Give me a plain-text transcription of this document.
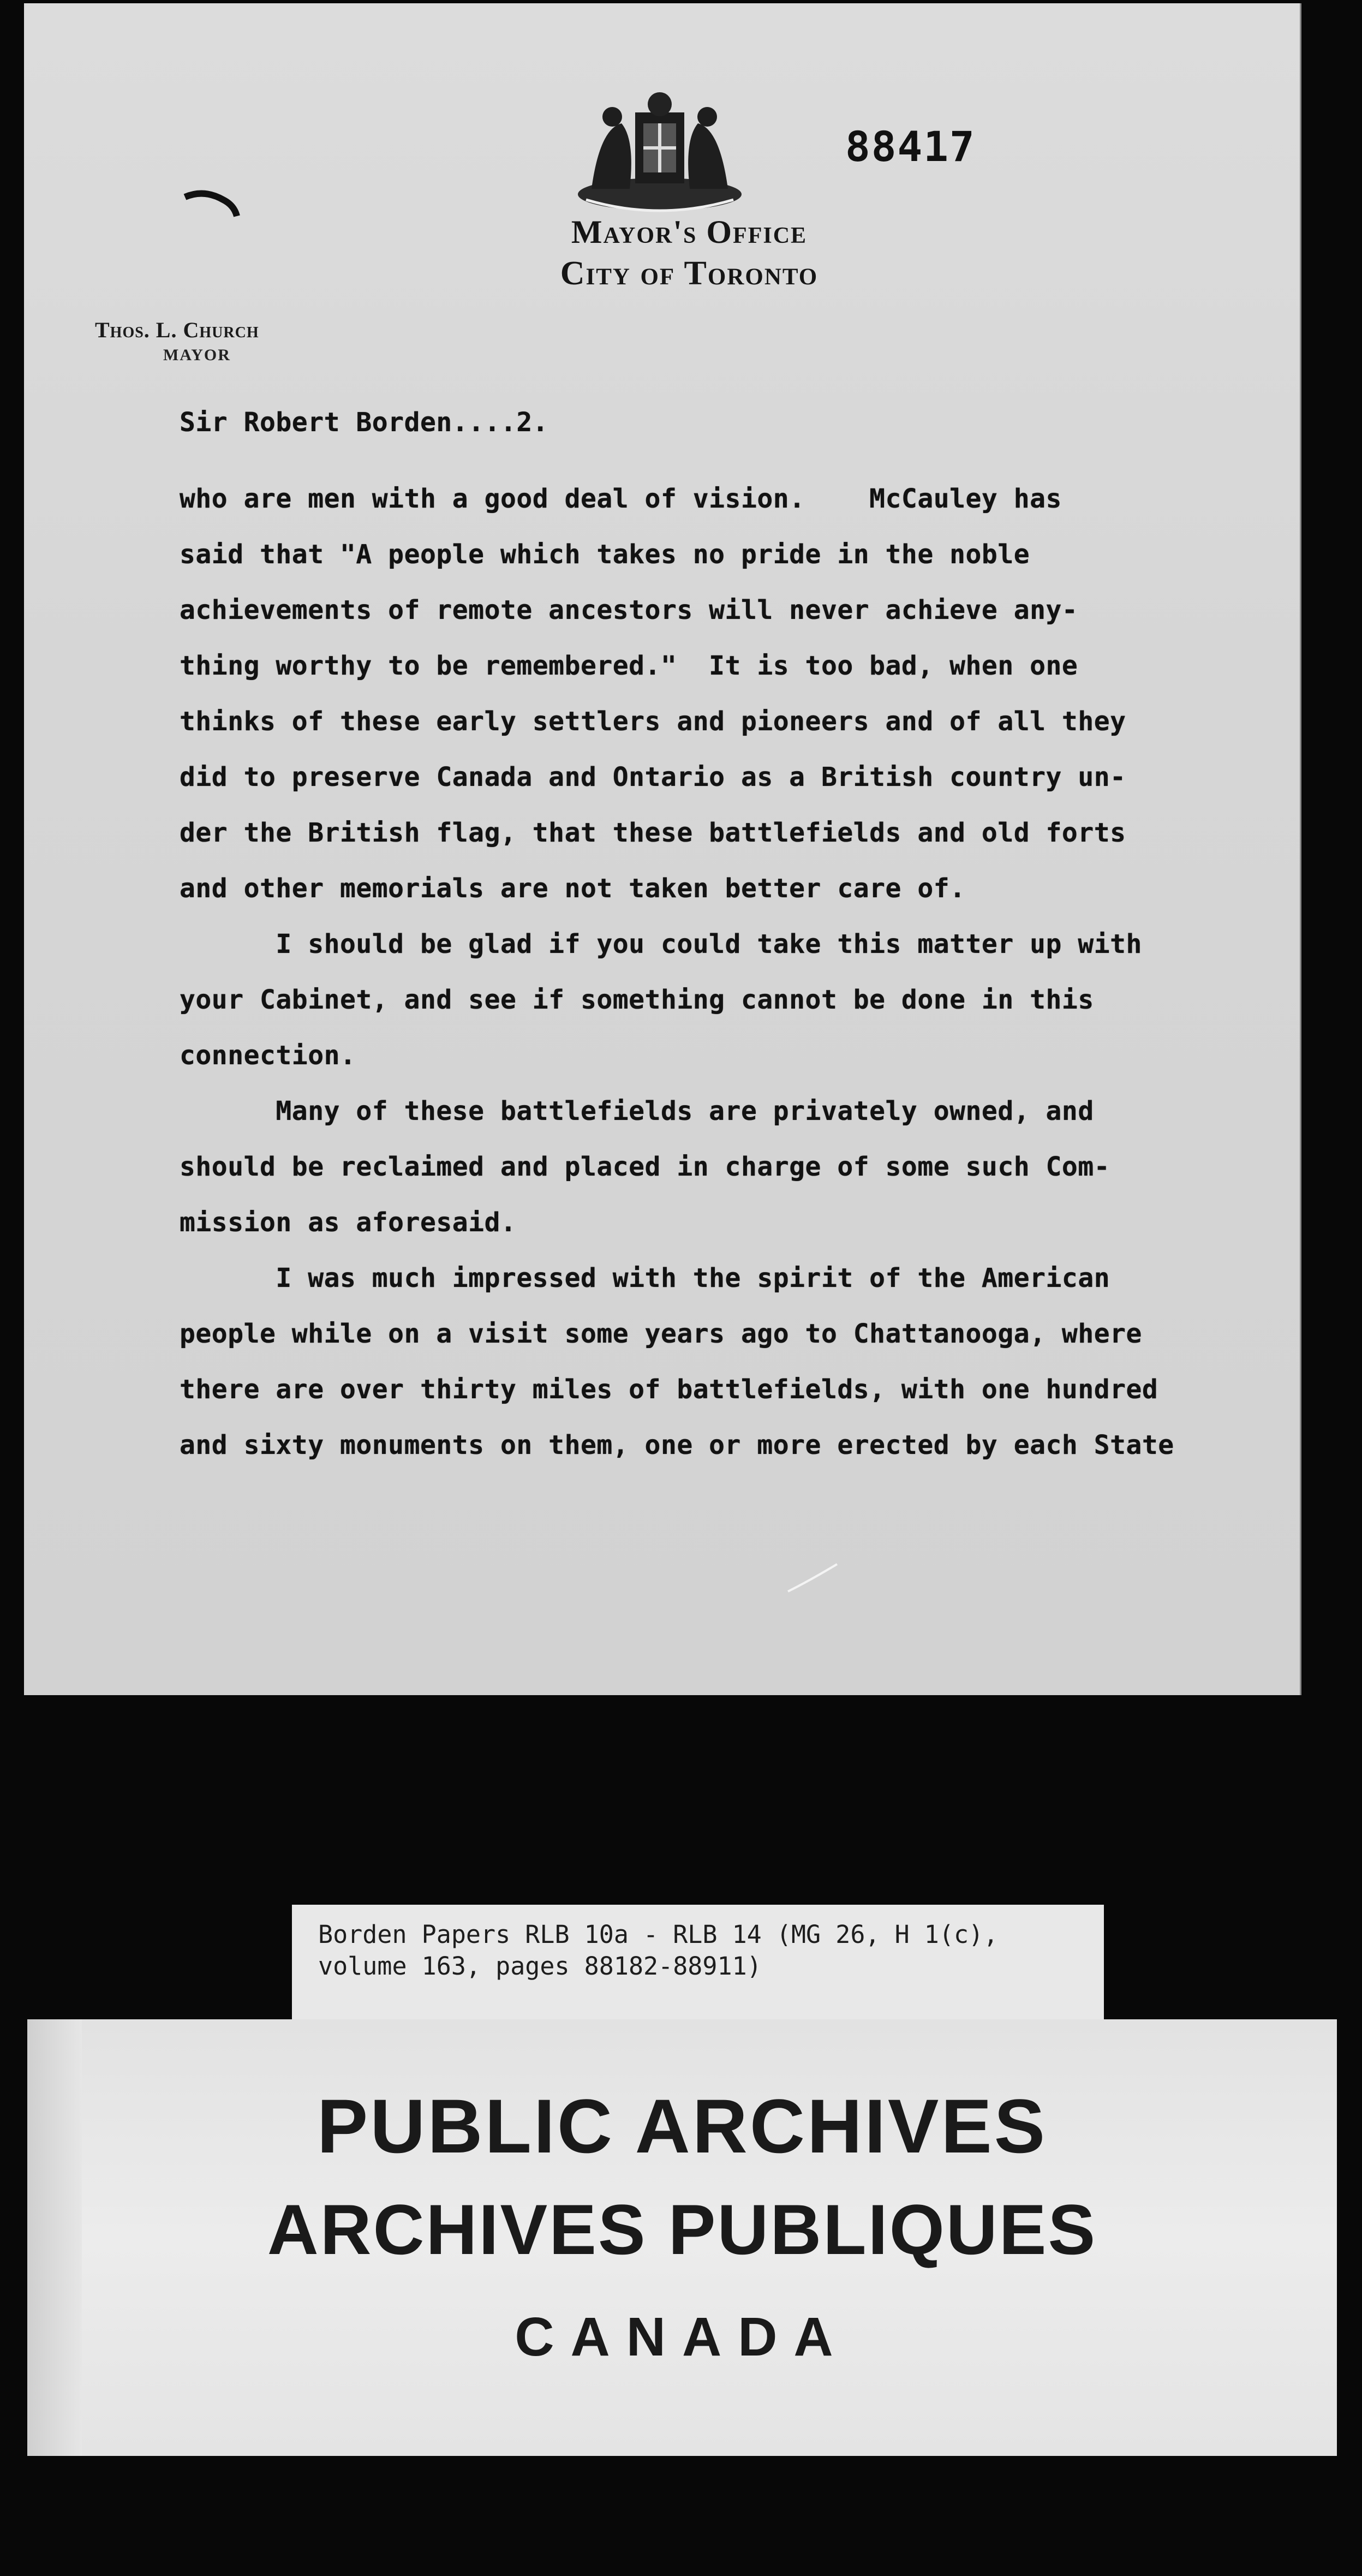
88417
Mayor's Office
City of Toronto
Thos. L. Church
MAYOR
Sir Robert Borden....2.
who are men with a good deal of vision.    McCauley has
said that "A people which takes no pride in the noble
achievements of remote ancestors will never achieve any-
thing worthy to be remembered."  It is too bad, when one
thinks of these early settlers and pioneers and of all they
did to preserve Canada and Ontario as a British country un-
der the British flag, that these battlefields and old forts
and other memorials are not taken better care of.
I should be glad if you could take this matter up with
your Cabinet, and see if something cannot be done in this
connection.
Many of these battlefields are privately owned, and
should be reclaimed and placed in charge of some such Com-
mission as aforesaid.
I was much impressed with the spirit of the American
people while on a visit some years ago to Chattanooga, where
there are over thirty miles of battlefields, with one hundred
and sixty monuments on them, one or more erected by each State
Borden Papers RLB 10a - RLB 14 (MG 26, H 1(c),
volume 163, pages 88182-88911)
PUBLIC ARCHIVES
ARCHIVES PUBLIQUES
CANADA
